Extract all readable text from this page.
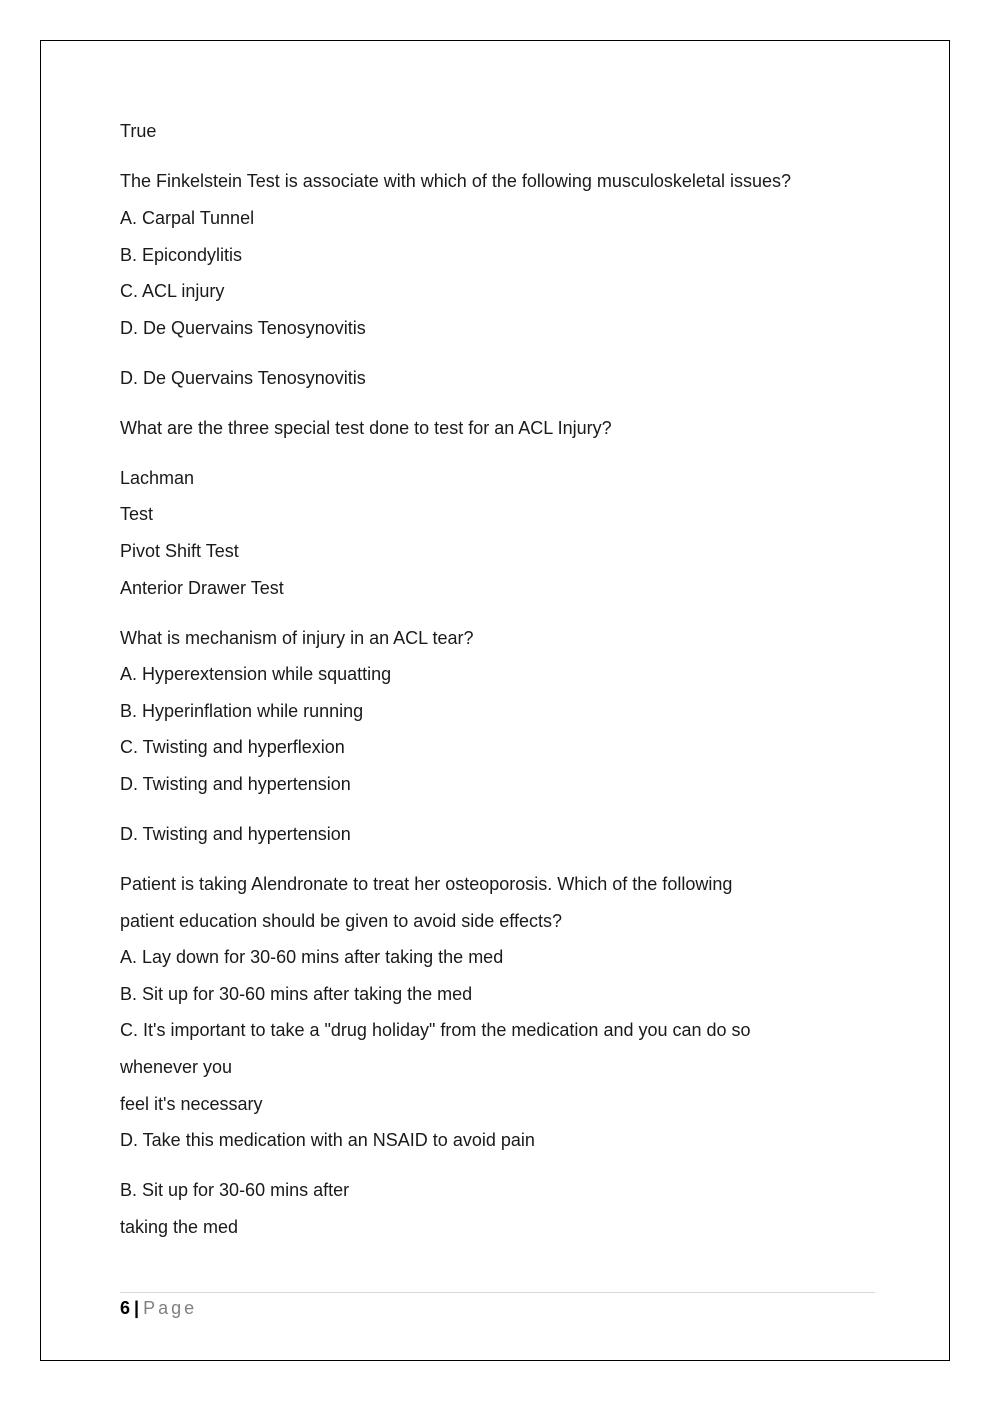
True
The Finkelstein Test is associate with which of the following musculoskeletal issues?
A. Carpal Tunnel
B. Epicondylitis
C. ACL injury
D. De Quervains Tenosynovitis
D. De Quervains Tenosynovitis
What are the three special test done to test for an ACL Injury?
Lachman
Test
Pivot Shift Test
Anterior Drawer Test
What is mechanism of injury in an ACL tear?
A. Hyperextension while squatting
B. Hyperinflation while running
C. Twisting and hyperflexion
D. Twisting and hypertension
D. Twisting and hypertension
Patient is taking Alendronate to treat her osteoporosis. Which of the following
patient education should be given to avoid side effects?
A. Lay down for 30-60 mins after taking the med
B. Sit up for 30-60 mins after taking the med
C. It's important to take a "drug holiday" from the medication and you can do so
whenever you
feel it's necessary
D. Take this medication with an NSAID to avoid pain
B. Sit up for 30-60 mins after
taking the med
6 | Page
